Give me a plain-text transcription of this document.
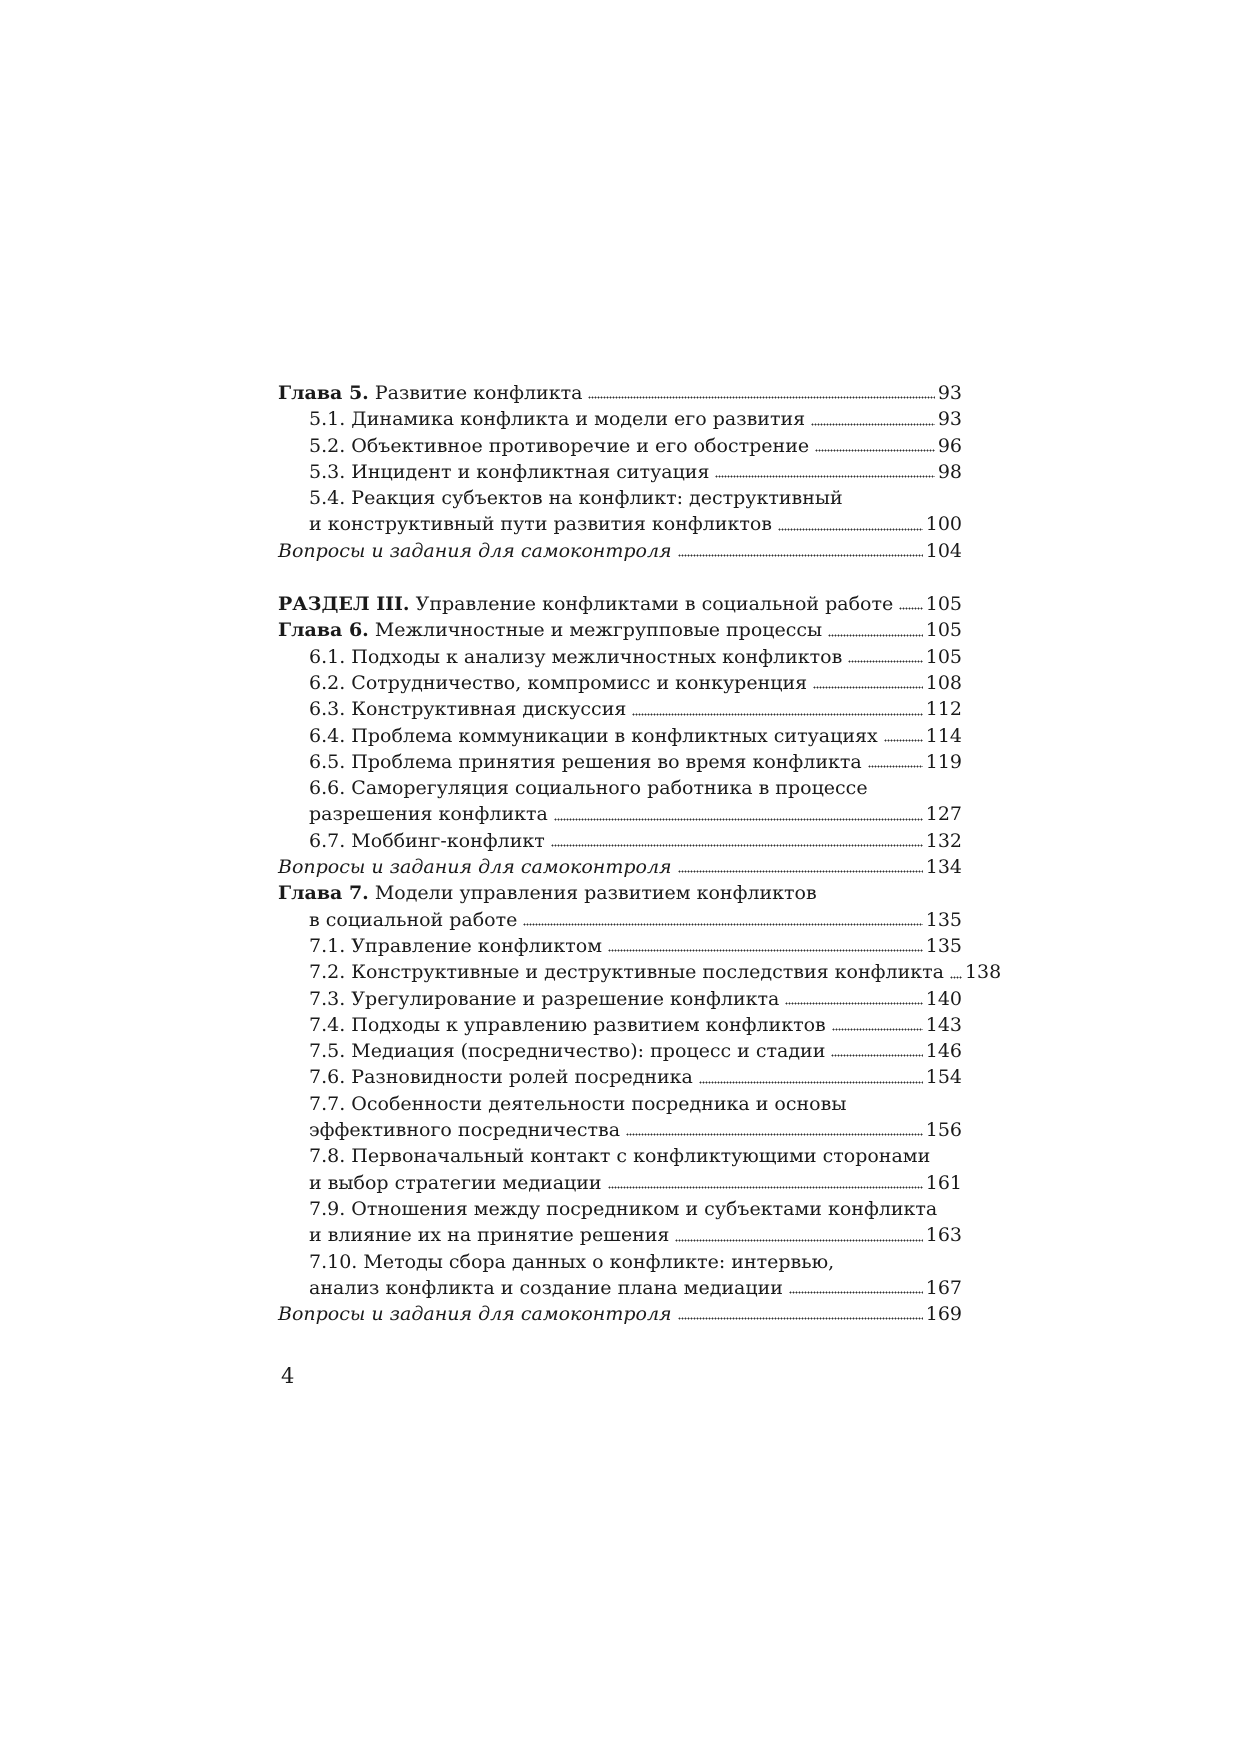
Глава 5. Развитие конфликта	93
5.1. Динамика конфликта и модели его развития	93
5.2. Объективное противоречие и его обострение	96
5.3. Инцидент и конфликтная ситуация	98
5.4. Реакция субъектов на конфликт: деструктивный
и конструктивный пути развития конфликтов	100
Вопросы и задания для самоконтроля	104
РАЗДЕЛ III. Управление конфликтами в социальной работе 105
Глава 6. Межличностные и межгрупповые процессы	105
6.1. Подходы к анализу межличностных конфликтов	105
6.2. Сотрудничество, компромисс и конкуренция	108
6.3. Конструктивная дискуссия	112
6.4. Проблема коммуникации в конфликтных ситуациях	114
6.5. Проблема принятия решения во время конфликта	119
6.6. Саморегуляция социального работника в процессе
разрешения конфликта	127
6.7. Моббинг-конфликт	132
Вопросы и задания для самоконтроля	134
Глава 7. Модели управления развитием конфликтов
в социальной работе	135
7.1. Управление конфликтом	135
7.2. Конструктивные и деструктивные последствия конфликта 138
7.3. Урегулирование и разрешение конфликта	140
7.4. Подходы к управлению развитием конфликтов	143
7.5. Медиация (посредничество): процесс и стадии	146
7.6. Разновидности ролей посредника	154
7.7. Особенности деятельности посредника и основы
эффективного посредничества	156
7.8. Первоначальный контакт с конфликтующими сторонами
и выбор стратегии медиации	161
7.9. Отношения между посредником и субъектами конфликта
и влияние их на принятие решения	163
7.10. Методы сбора данных о конфликте: интервью,
анализ конфликта и создание плана медиации	167
Вопросы и задания для самоконтроля	169
4
